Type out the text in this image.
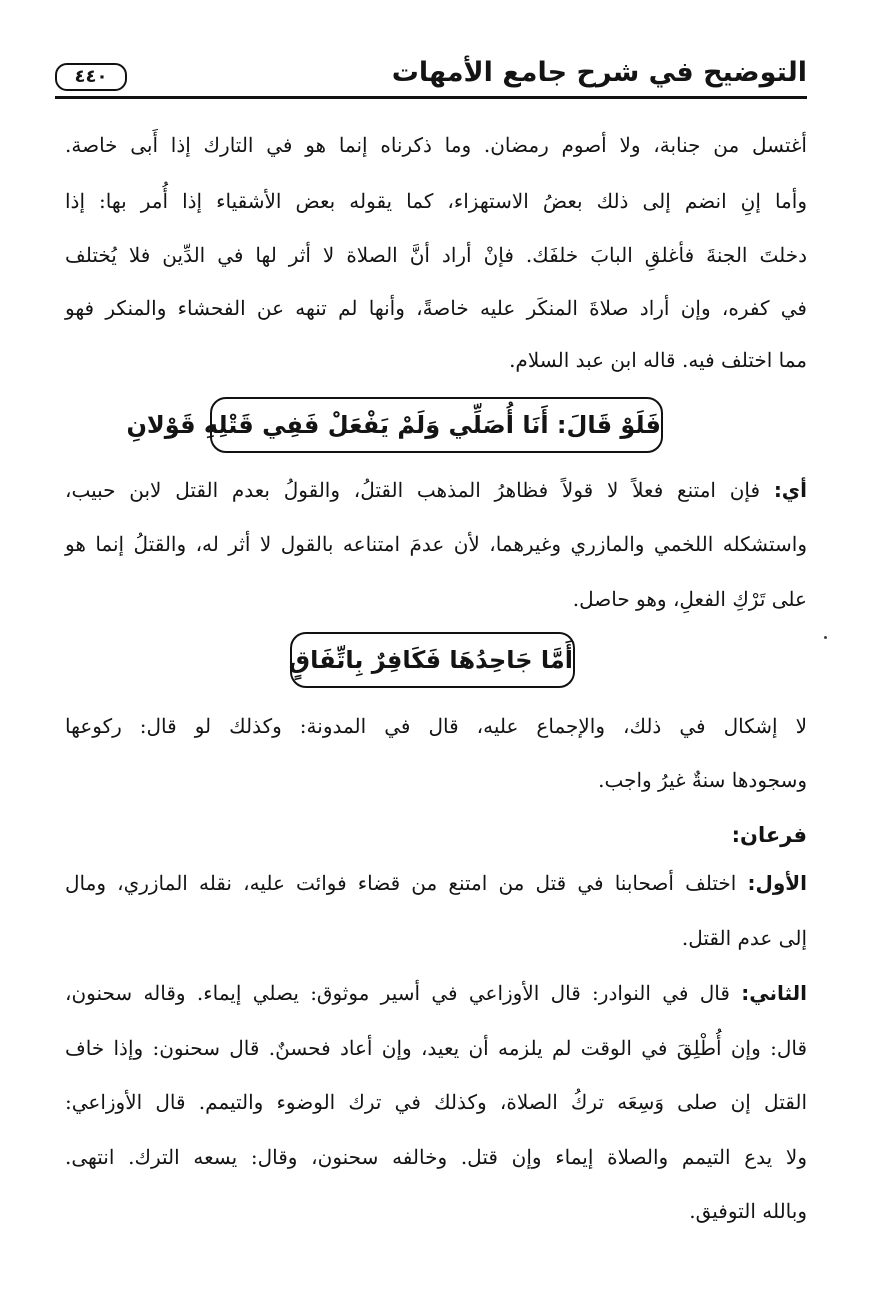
التوضيح في شرح جامع الأمهات
٤٤٠

أغتسل من جنابة، ولا أصوم رمضان. وما ذكرناه إنما هو في التارك إذا أَبى خاصة.

وأما إنِ انضم إلى ذلك بعضُ الاستهزاء، كما يقوله بعض الأشقياء إذا أُمر بها: إذا

دخلتَ الجنةَ فأغلقِ البابَ خلفَك. فإنْ أراد أنَّ الصلاة لا أثر لها في الدِّين فلا يُختلف

في كفره، وإن أراد صلاةَ المنكَر عليه خاصةً، وأنها لم تنهه عن الفحشاء والمنكر فهو

مما اختلف فيه. قاله ابن عبد السلام.

فَلَوْ قَالَ: أَنَا أُصَلِّي وَلَمْ يَفْعَلْ فَفِي قَتْلِهِ قَوْلانِ

أي: فإن امتنع فعلاً لا قولاً فظاهرُ المذهب القتلُ، والقولُ بعدم القتل لابن حبيب،

واستشكله اللخمي والمازري وغيرهما، لأن عدمَ امتناعه بالقول لا أثر له، والقتلُ إنما هو

على تَرْكِ الفعلِ، وهو حاصل.

أَمَّا جَاحِدُهَا فَكَافِرٌ بِاتِّفَاقٍ

لا إشكال في ذلك، والإجماع عليه، قال في المدونة: وكذلك لو قال: ركوعها

وسجودها سنةٌ غيرُ واجب.

فرعان:

الأول: اختلف أصحابنا في قتل من امتنع من قضاء فوائت عليه، نقله المازري، ومال

إلى عدم القتل.

الثاني: قال في النوادر: قال الأوزاعي في أسير موثوق: يصلي إيماء. وقاله سحنون،

قال: وإن أُطْلِقَ في الوقت لم يلزمه أن يعيد، وإن أعاد فحسنٌ. قال سحنون: وإذا خاف

القتل إن صلى وَسِعَه تركُ الصلاة، وكذلك في ترك الوضوء والتيمم. قال الأوزاعي:

ولا يدع التيمم والصلاة إيماء وإن قتل. وخالفه سحنون، وقال: يسعه الترك. انتهى.

وبالله التوفيق.
